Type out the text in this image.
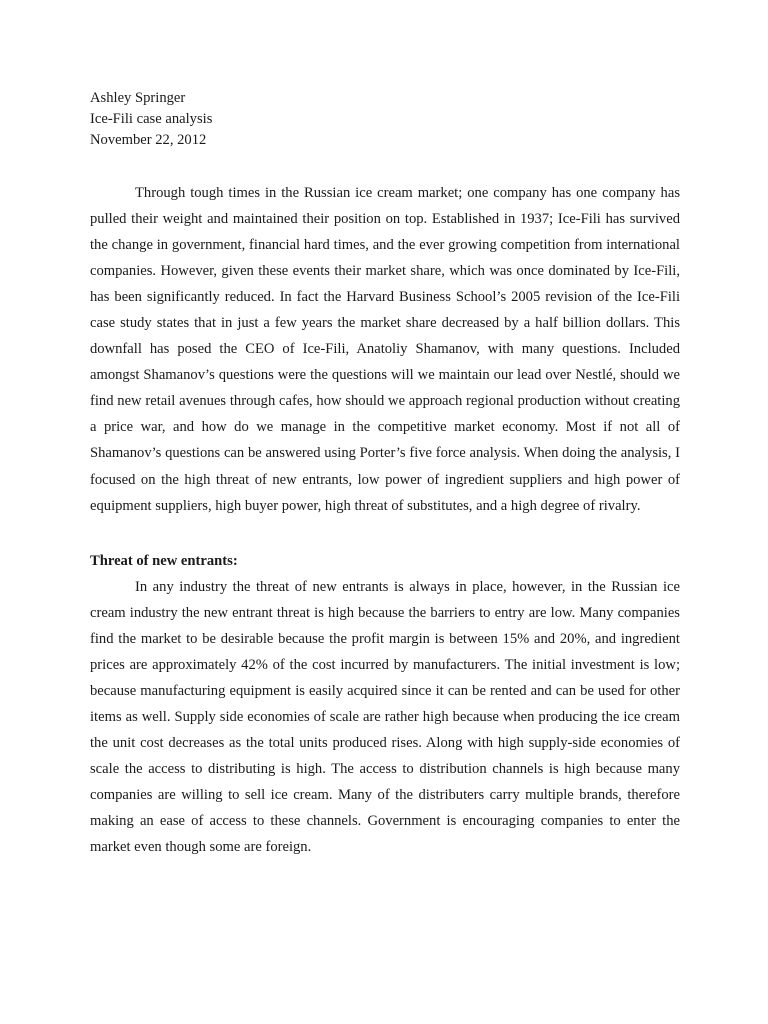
Ashley Springer

Ice-Fili case analysis

November 22, 2012

Through tough times in the Russian ice cream market; one company has one company has pulled their weight and maintained their position on top. Established in 1937; Ice-Fili has survived the change in government, financial hard times, and the ever growing competition from international companies. However, given these events their market share, which was once dominated by Ice-Fili, has been significantly reduced. In fact the Harvard Business School’s 2005 revision of the Ice-Fili case study states that in just a few years the market share decreased by a half billion dollars. This downfall has posed the CEO of Ice-Fili, Anatoliy Shamanov, with many questions. Included amongst Shamanov’s questions were the questions will we maintain our lead over Nestlé, should we find new retail avenues through cafes, how should we approach regional production without creating a price war, and how do we manage in the competitive market economy. Most if not all of Shamanov’s questions can be answered using Porter’s five force analysis. When doing the analysis, I focused on the high threat of new entrants, low power of ingredient suppliers and high power of equipment suppliers, high buyer power, high threat of substitutes, and a high degree of rivalry.

Threat of new entrants:

In any industry the threat of new entrants is always in place, however, in the Russian ice cream industry the new entrant threat is high because the barriers to entry are low. Many companies find the market to be desirable because the profit margin is between 15% and 20%, and ingredient prices are approximately 42% of the cost incurred by manufacturers. The initial investment is low; because manufacturing equipment is easily acquired since it can be rented and can be used for other items as well. Supply side economies of scale are rather high because when producing the ice cream the unit cost decreases as the total units produced rises. Along with high supply-side economies of scale the access to distributing is high. The access to distribution channels is high because many companies are willing to sell ice cream. Many of the distributers carry multiple brands, therefore making an ease of access to these channels. Government is encouraging companies to enter the market even though some are foreign.
